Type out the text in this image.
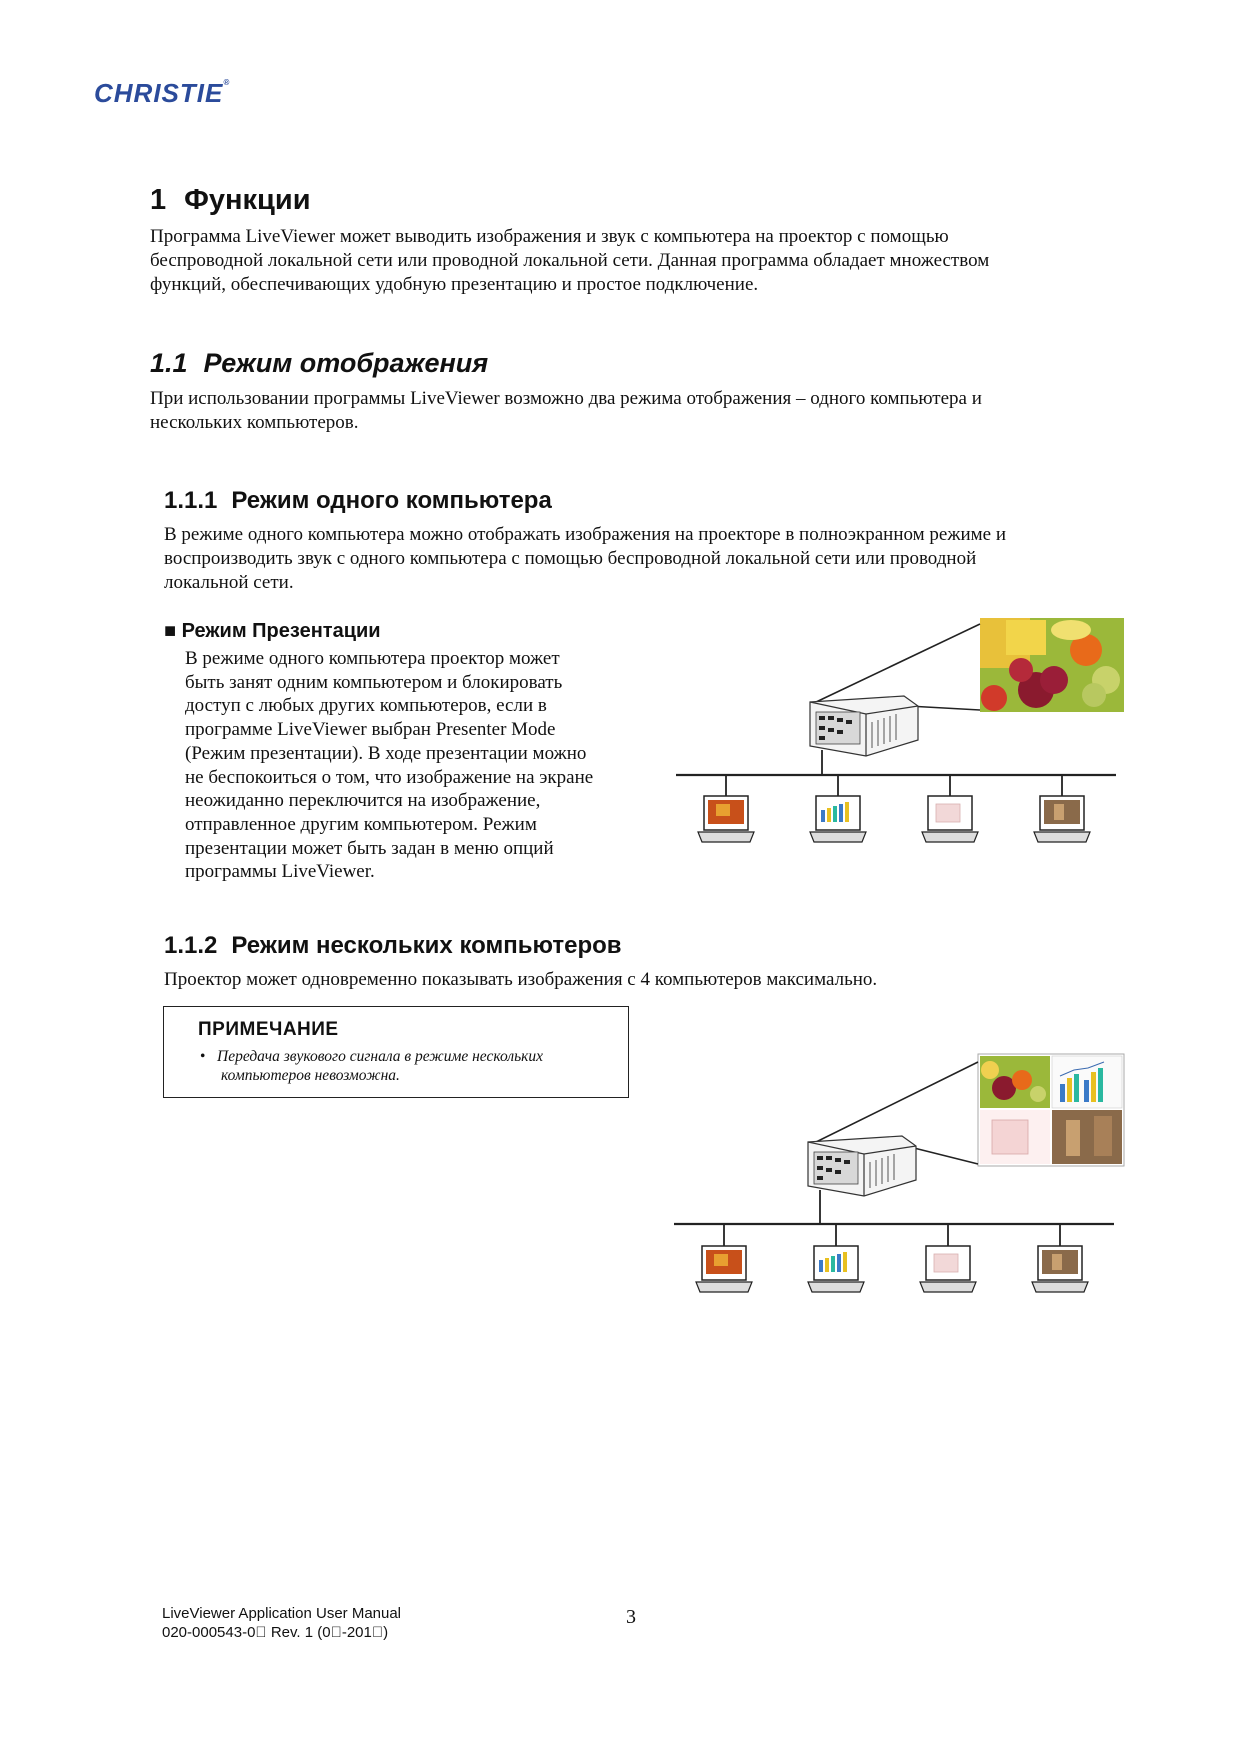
CHRISTIE®
1 Функции

Программа LiveViewer может выводить изображения и звук с компьютера на проектор с помощью

беспроводной локальной сети или проводной локальной сети. Данная программа обладает множеством

функций, обеспечивающих удобную презентацию и простое подключение.

1.1 Режим отображения

При использовании программы LiveViewer возможно два режима отображения – одного компьютера и

нескольких компьютеров.

1.1.1 Режим одного компьютера

В режиме одного компьютера можно отображать изображения на проекторе в полноэкранном режиме и

воспроизводить звук с одного компьютера с помощью беспроводной локальной сети или проводной

локальной сети.

■ Режим Презентации

В режиме одного компьютера проектор может

быть занят одним компьютером и блокировать

доступ с любых других компьютеров, если в

программе LiveViewer выбран Presenter Mode

(Режим презентации). В ходе презентации можно

не беспокоиться о том, что изображение на экране

неожиданно переключится на изображение,

отправленное другим компьютером. Режим

презентации может быть задан в меню опций

программы LiveViewer.

1.1.2 Режим нескольких компьютеров

Проектор может одновременно показывать изображения с 4 компьютеров максимально.

ПРИМЕЧАНИЕ
• Передача звукового сигнала в режиме нескольких
компьютеров невозможна.
LiveViewer Application User Manual
020-000543-0  Rev. 1 (0 -201 )
3
